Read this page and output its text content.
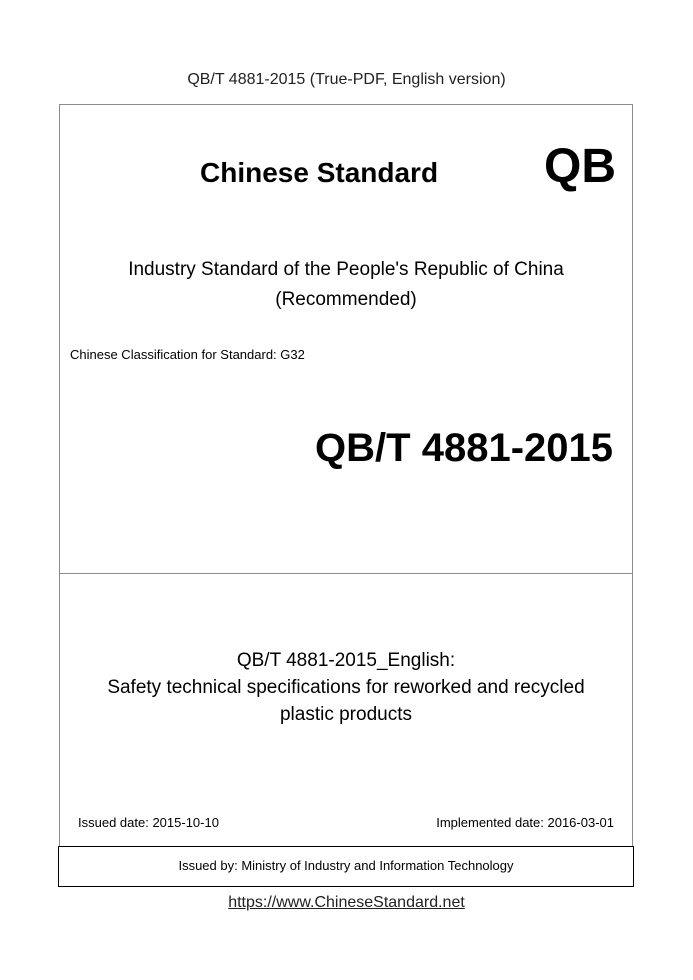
QB/T 4881-2015 (True-PDF, English version)
Chinese Standard QB
Industry Standard of the People's Republic of China
(Recommended)
Chinese Classification for Standard: G32
QB/T 4881-2015
QB/T 4881-2015_English:
Safety technical specifications for reworked and recycled
plastic products
Issued date: 2015-10-10	Implemented date: 2016-03-01
Issued by: Ministry of Industry and Information Technology
https://www.ChineseStandard.net
